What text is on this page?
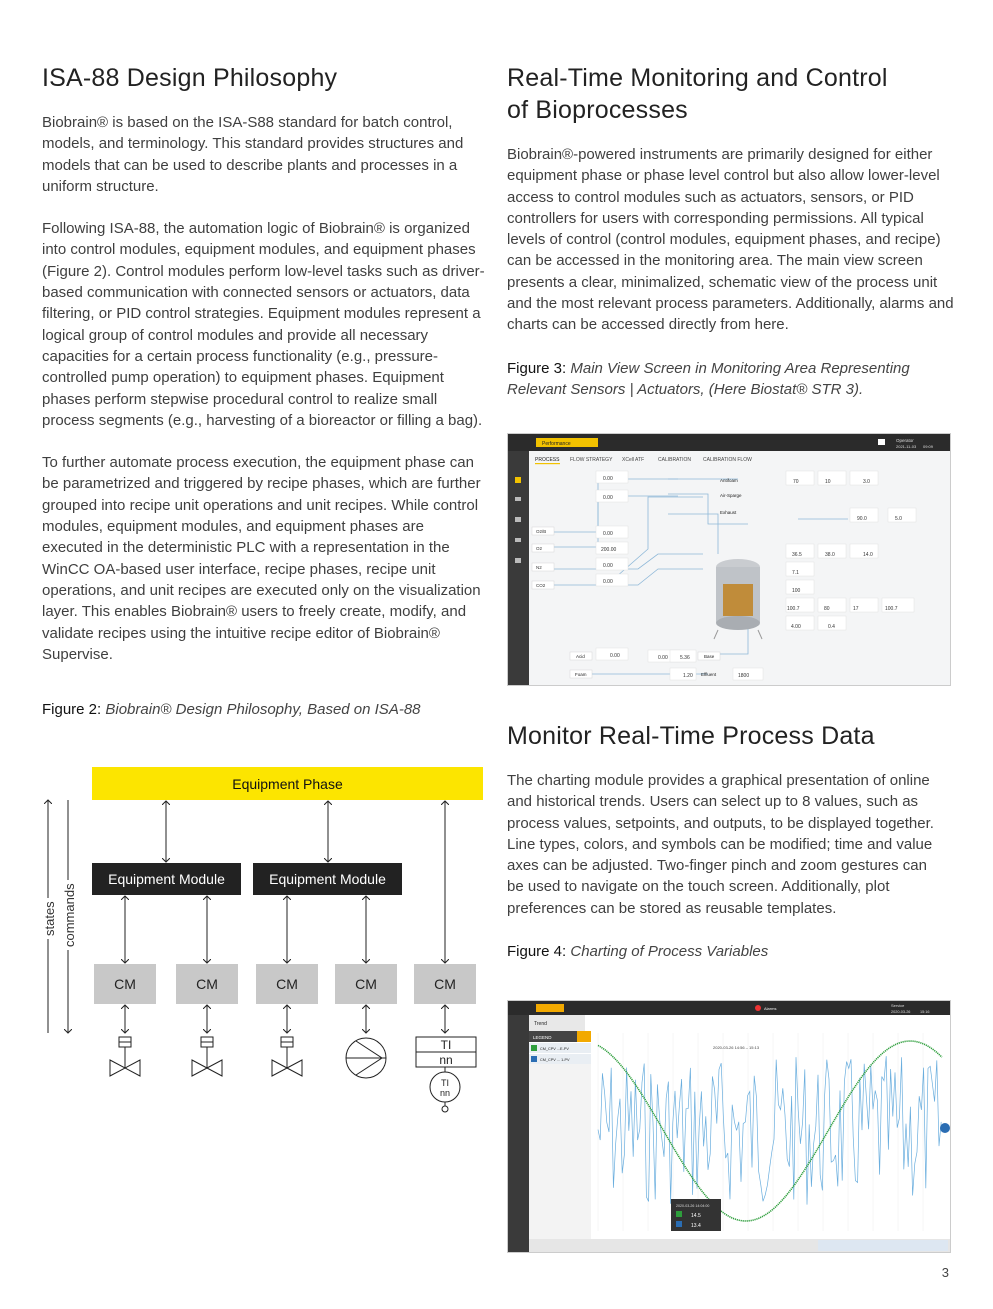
ISA-88 Design Philosophy

Biobrain® is based on the ISA-S88 standard for batch control, models, and terminology. This standard provides structures and models that can be used to describe plants and processes in a uniform structure.

Following ISA-88, the automation logic of Biobrain® is organized into control modules, equipment modules, and equipment phases (Figure 2). Control modules perform low-level tasks such as driver-based communication with connected sensors or actuators, data filtering, or PID control strategies. Equipment modules represent a logical group of control modules and provide all necessary capacities for a certain process functionality (e.g., pressure-controlled pump operation) to equipment phases. Equipment phases perform stepwise procedural control to realize small process segments (e.g., harvesting of a bioreactor or filling a bag).

To further automate process execution, the equipment phase can be parametrized and triggered by recipe phases, which are further grouped into recipe unit operations and unit recipes. While control modules, equipment modules, and equipment phases are executed in the deterministic PLC with a representation in the WinCC OA-based user interface, recipe phases, recipe unit operations, and unit recipes are executed only on the visualization layer. This enables Biobrain® users to freely create, modify, and validate recipes using the intuitive recipe editor of Biobrain® Supervise.

Figure 2: Biobrain® Design Philosophy, Based on ISA-88
TI
nn
TI
nn
Equipment Phase
Equipment Module	Equipment Module
CM	CM	CM	CM	CM
states commands
Real-Time Monitoring and Control
of Bioprocesses

Biobrain®-powered instruments are primarily designed for either equipment phase or phase level control but also allow lower-level access to control modules such as actuators, sensors, or PID controllers for users with corresponding permissions. All typical levels of control (control modules, equipment phases, and recipe) can be accessed in the monitoring area. The main view screen presents a clear, minimalized, schematic view of the process unit and the most relevant process parameters. Additionally, alarms and charts can be accessed directly from here.

Figure 3: Main View Screen in Monitoring Area Representing Relevant Sensors | Actuators, (Here Biostat® STR 3).
Performance
Operator
2021-11-03 09:09
PROCESS FLOW STRATEGY XCell ATF	CALIBRATION CALIBRATION FLOW
O2/B
O2
N2
CO2
0.00
0.00
0.00
200.00
0.00
0.00
0.00
70	10	3.0
90.0	5.0
36.5	38.0	14.0
7.1
100
100.7	80	17	100.7
4.00	0.4
Antifoam
Air-Sparge
Exhaust
Acid	Base
Foam	Effluent
0.00 5.36
1.20	1800
Monitor Real-Time Process Data

The charting module provides a graphical presentation of online and historical trends. Users can select up to 8 values, such as process values, setpoints, and outputs, to be displayed together. Line types, colors, and symbols can be modified; time and value axes can be adjusted. Two-finger pinch and zoom gestures can be used to navigate on the touch screen. Additionally, plot preferences can be stored as reusable templates.

Figure 4: Charting of Process Variables
Alarms
Service
2020-03-26	15:16
Trend
LEGEND
CM_CPV ...E-PV
CM_CPV ... 1-PV
2020-03-26 14:56 – 15:13
2020-03-26 14:04:00
14.5
13.4
3
